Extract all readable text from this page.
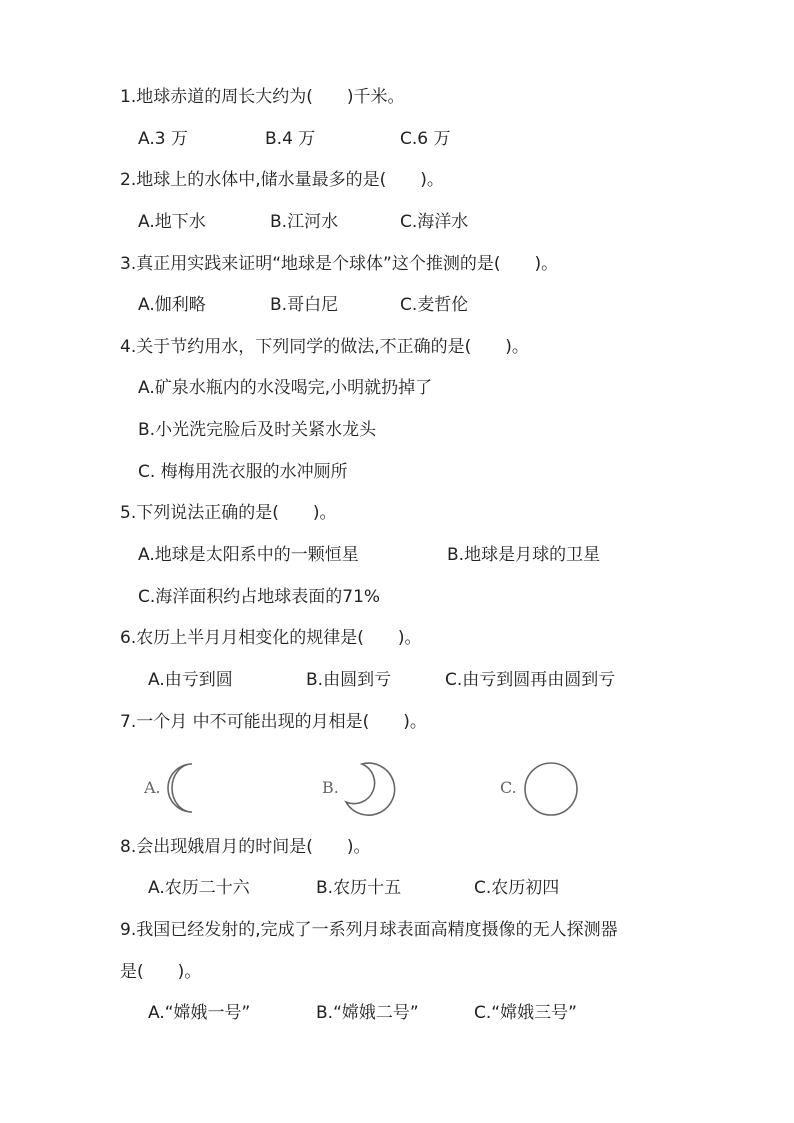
1.地球赤道的周长大约为(　　)千米。
A.3 万	B.4 万	C.6 万
2.地球上的水体中,储水量最多的是(　　)。
A.地下水	B.江河水	C.海洋水
3.真正用实践来证明“地球是个球体”这个推测的是(　　)。
A.伽利略	B.哥白尼	C.麦哲伦
4.关于节约用水，下列同学的做法,不正确的是(　　)。
A.矿泉水瓶内的水没喝完,小明就扔掉了
B.小光洗完脸后及时关紧水龙头
C. 梅梅用洗衣服的水冲厕所
5.下列说法正确的是(　　)。
A.地球是太阳系中的一颗恒星	B.地球是月球的卫星
C.海洋面积约占地球表面的71%
6.农历上半月月相变化的规律是(　　)。
A.由亏到圆	B.由圆到亏	C.由亏到圆再由圆到亏
7.一个月 中不可能出现的月相是(　　)。
A.	B.	C.
8.会出现娥眉月的时间是(　　)。
A.农历二十六	B.农历十五	C.农历初四
9.我国已经发射的,完成了一系列月球表面高精度摄像的无人探测器
是(　　)。
A.“嫦娥一号”	B.“嫦娥二号”	C.“嫦娥三号”
